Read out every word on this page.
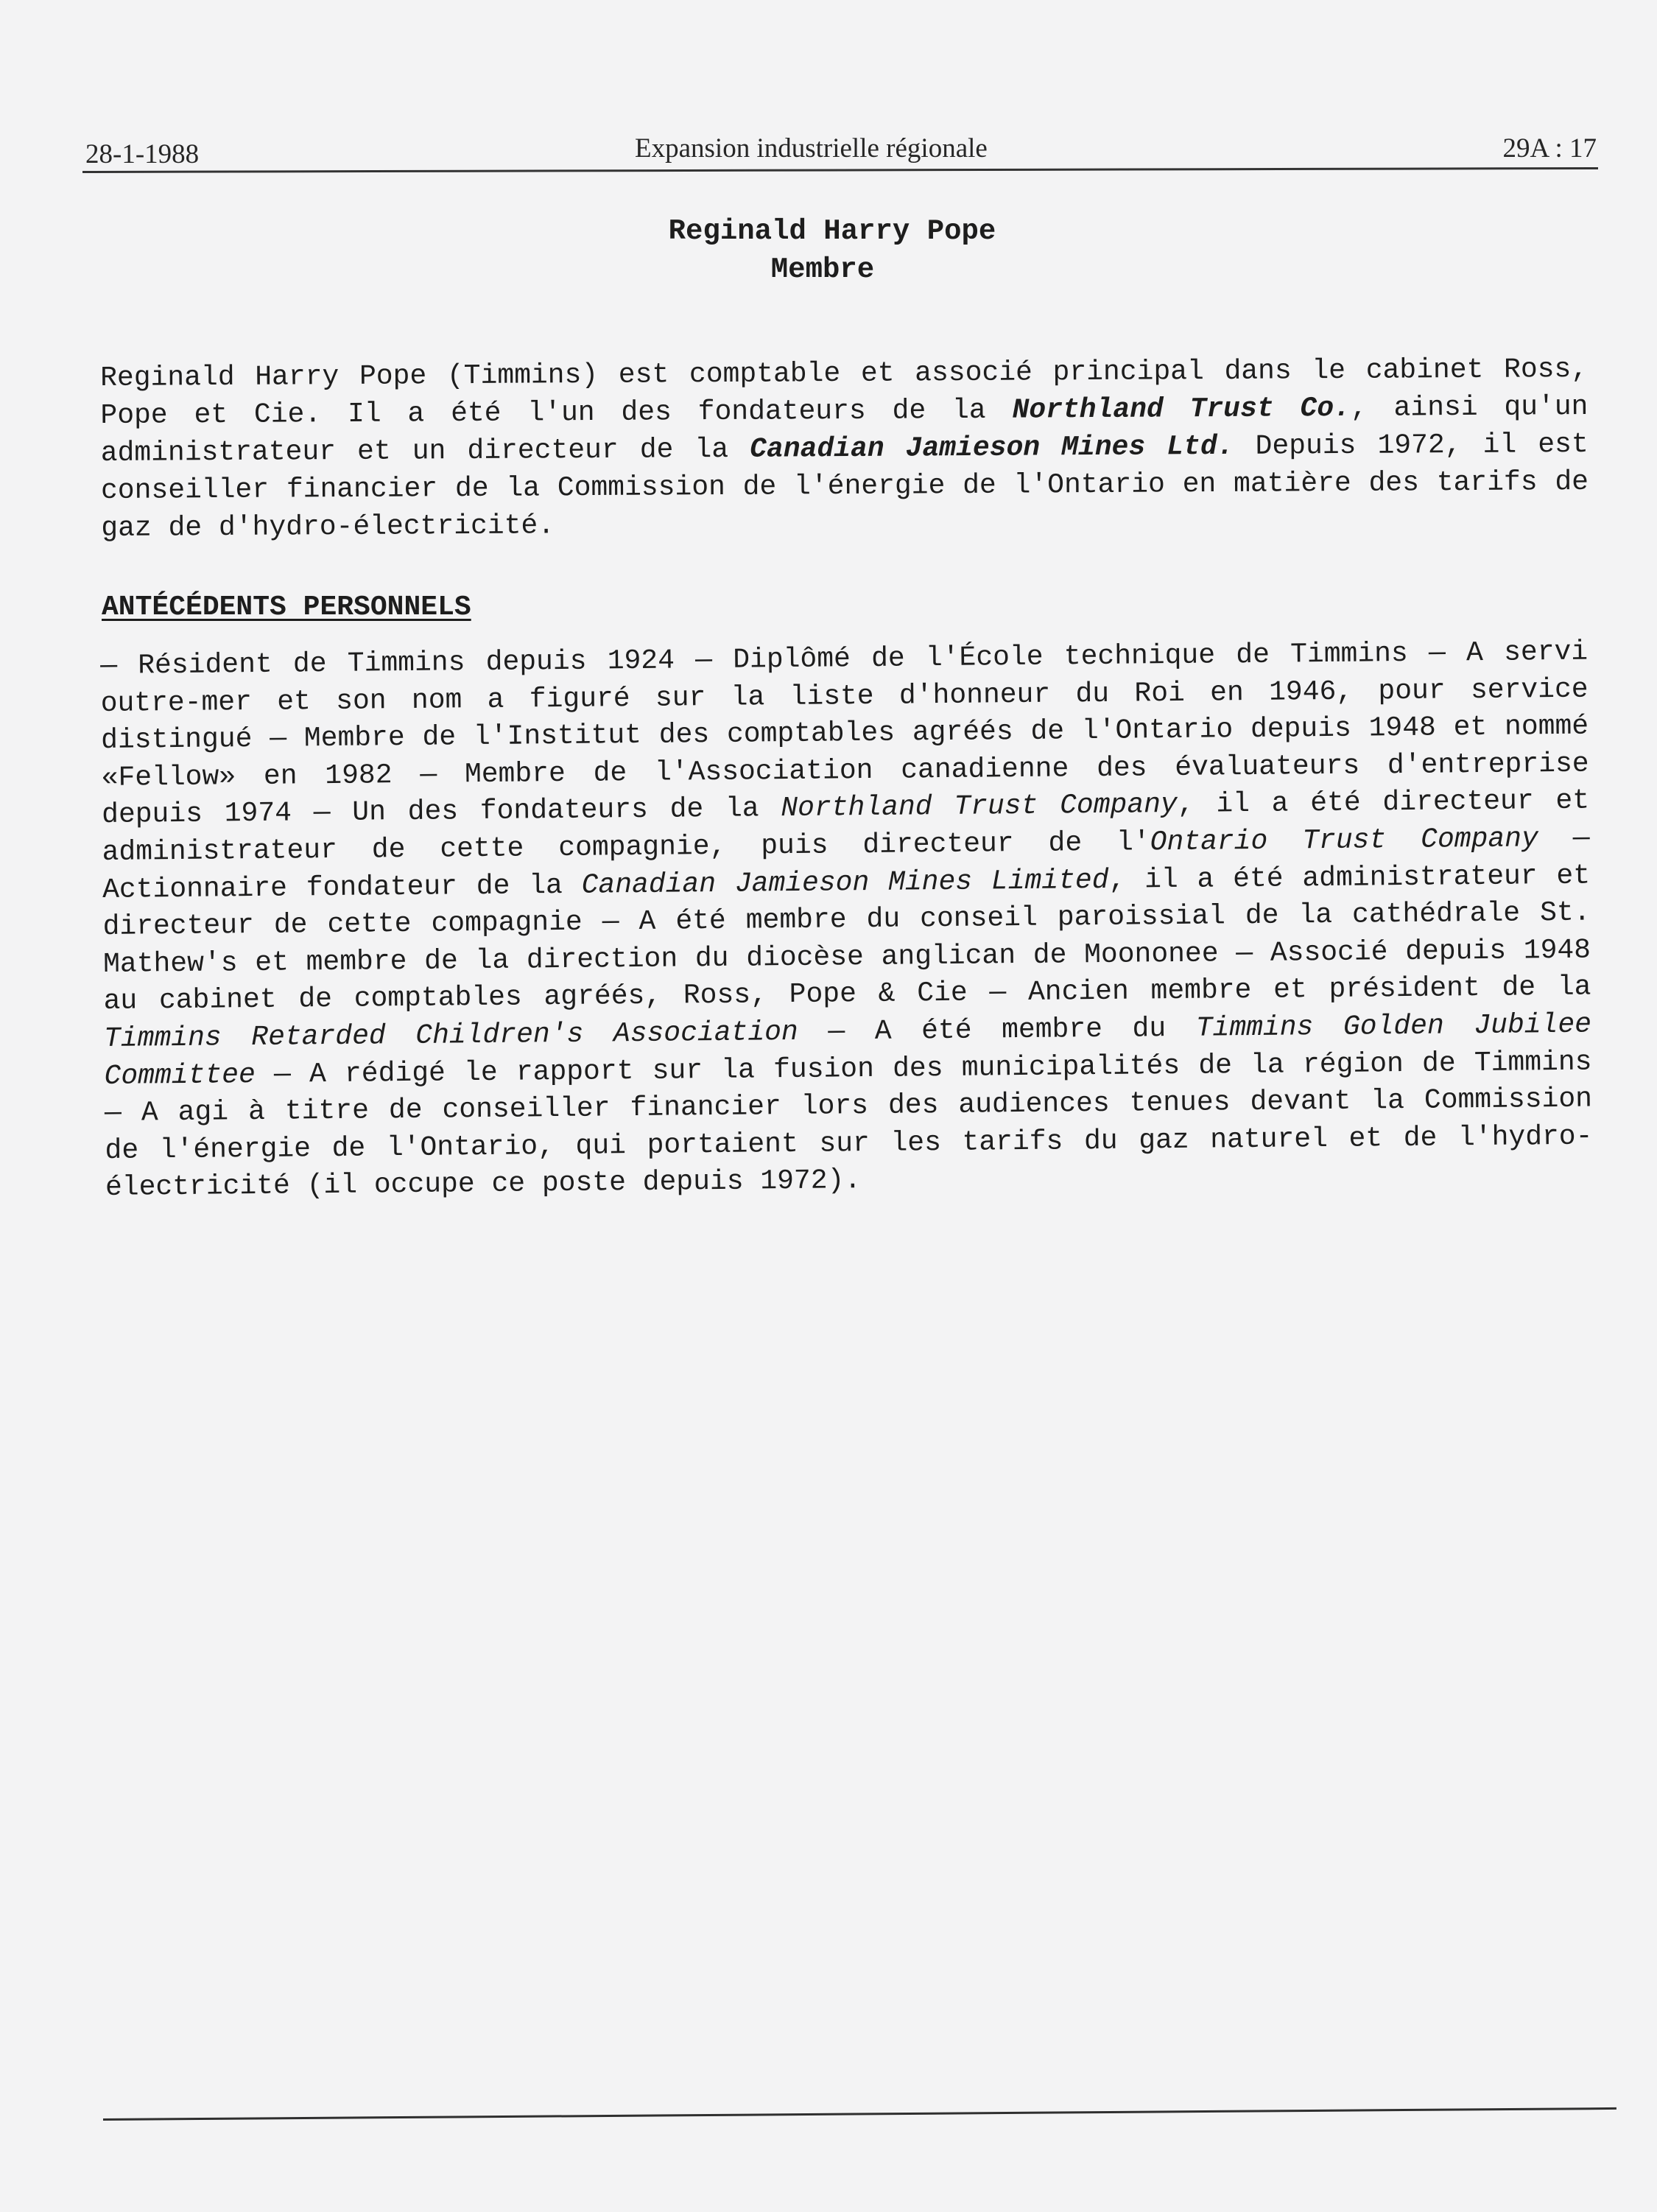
28-1-1988	Expansion industrielle régionale	29A : 17
Reginald Harry Pope
Membre

Reginald Harry Pope (Timmins) est comptable et associé principal dans le cabinet Ross, Pope et Cie. Il a été l'un des fondateurs de la Northland Trust Co., ainsi qu'un administrateur et un directeur de la Canadian Jamieson Mines Ltd. Depuis 1972, il est conseiller financier de la Commission de l'énergie de l'Ontario en matière des tarifs de gaz de d'hydro-électricité.

ANTÉCÉDENTS PERSONNELS

— Résident de Timmins depuis 1924 — Diplômé de l'École technique de Timmins — A servi outre-mer et son nom a figuré sur la liste d'honneur du Roi en 1946, pour service distingué — Membre de l'Institut des comptables agréés de l'Ontario depuis 1948 et nommé «Fellow» en 1982 — Membre de l'Association canadienne des évaluateurs d'entreprise depuis 1974 — Un des fondateurs de la Northland Trust Company, il a été directeur et administrateur de cette compagnie, puis directeur de l'Ontario Trust Company — Actionnaire fondateur de la Canadian Jamieson Mines Limited, il a été administrateur et directeur de cette compagnie — A été membre du conseil paroissial de la cathédrale St. Mathew's et membre de la direction du diocèse anglican de Moononee — Associé depuis 1948 au cabinet de comptables agréés, Ross, Pope & Cie — Ancien membre et président de la Timmins Retarded Children's Association — A été membre du Timmins Golden Jubilee Committee — A rédigé le rapport sur la fusion des municipalités de la région de Timmins — A agi à titre de conseiller financier lors des audiences tenues devant la Commission de l'énergie de l'Ontario, qui portaient sur les tarifs du gaz naturel et de l'hydro-électricité (il occupe ce poste depuis 1972).
